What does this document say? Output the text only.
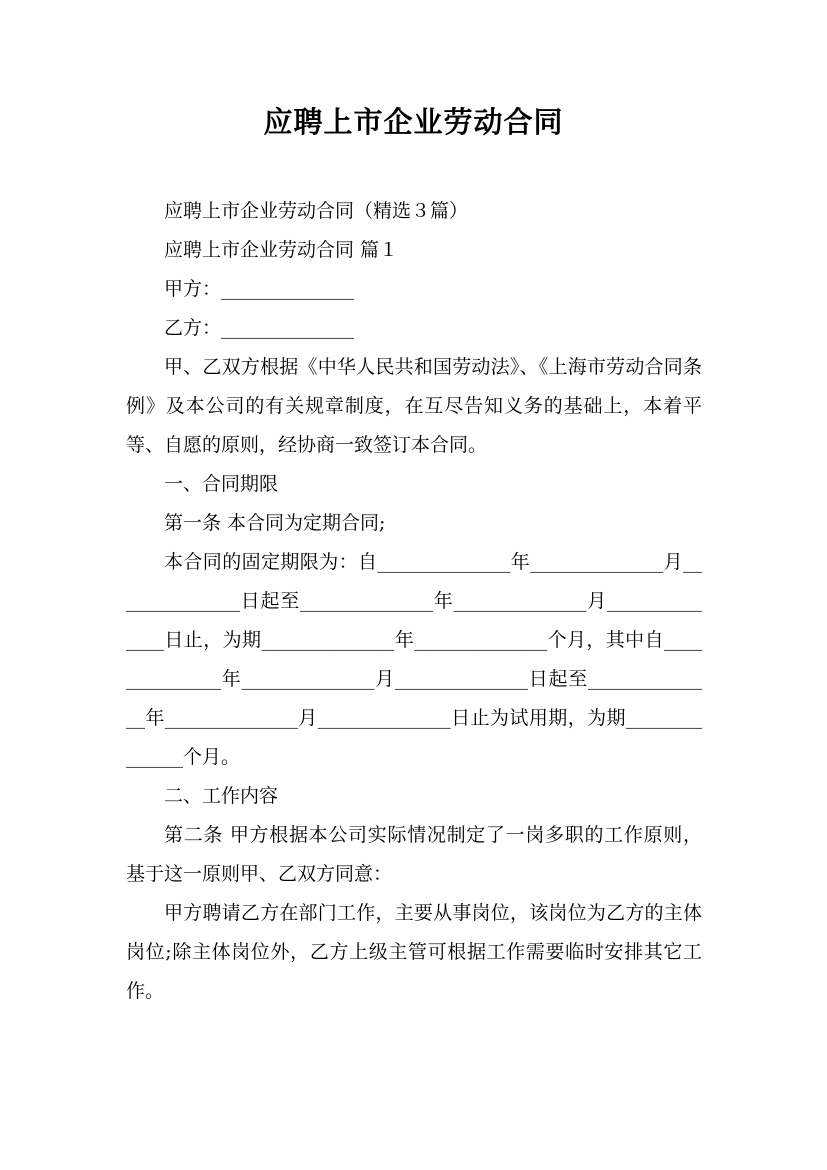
应聘上市企业劳动合同

应聘上市企业劳动合同（精选３篇）

应聘上市企业劳动合同 篇１

甲方：______________

乙方：______________

甲、乙双方根据《中华人民共和国劳动法》、《上海市劳动合同条例》及本公司的有关规章制度，在互尽告知义务的基础上，本着平等、自愿的原则，经协商一致签订本合同。

一、合同期限

第一条 本合同为定期合同;

本合同的固定期限为：自______________年______________月______________日起至______________年______________月______________日止，为期______________年______________个月，其中自______________年______________月______________日起至______________年______________月______________日止为试用期，为期______________个月。

二、工作内容

第二条 甲方根据本公司实际情况制定了一岗多职的工作原则，基于这一原则甲、乙双方同意：

甲方聘请乙方在部门工作，主要从事岗位，该岗位为乙方的主体岗位;除主体岗位外，乙方上级主管可根据工作需要临时安排其它工作。
